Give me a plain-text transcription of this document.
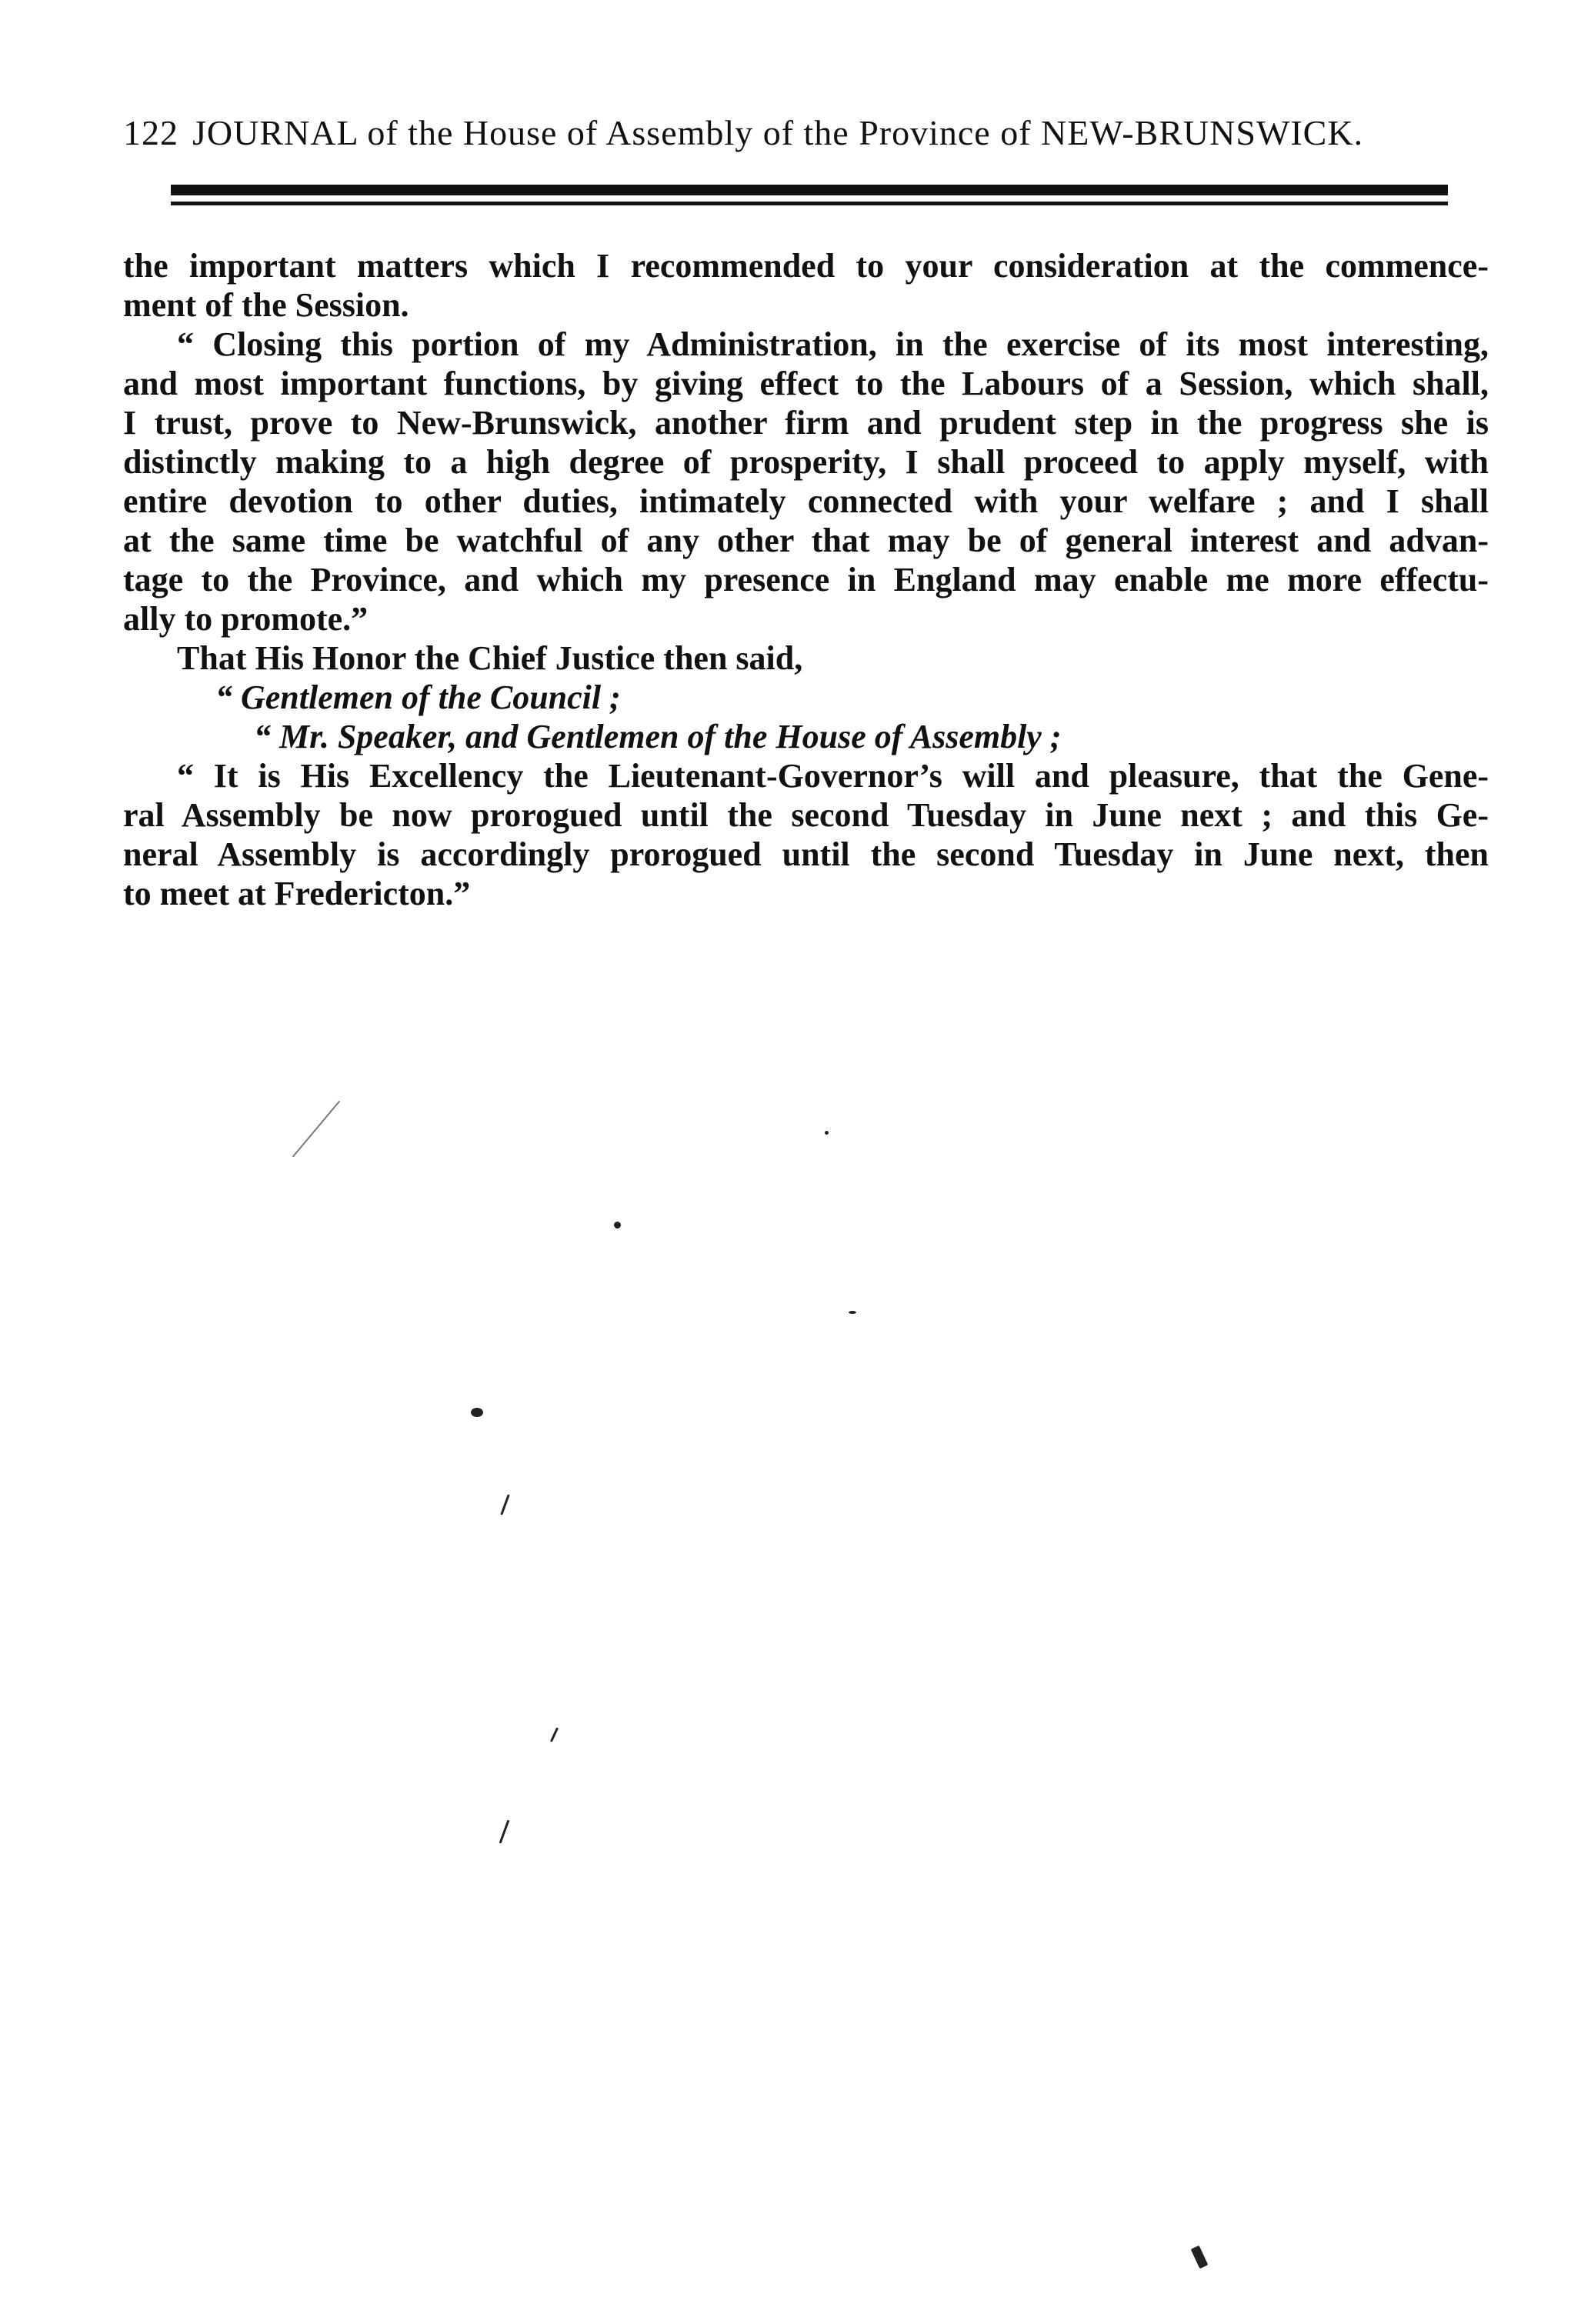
122 JOURNAL of the House of Assembly of the Province of NEW-BRUNSWICK.

the important matters which I recommended to your consideration at the commence-
ment of the Session.

“ Closing this portion of my Administration, in the exercise of its most interesting,
and most important functions, by giving effect to the Labours of a Session, which shall,
I trust, prove to New-Brunswick, another firm and prudent step in the progress she is
distinctly making to a high degree of prosperity, I shall proceed to apply myself, with
entire devotion to other duties, intimately connected with your welfare ; and I shall
at the same time be watchful of any other that may be of general interest and advan-
tage to the Province, and which my presence in England may enable me more effectu-
ally to promote.”

That His Honor the Chief Justice then said,

“ Gentlemen of the Council ;

“ Mr. Speaker, and Gentlemen of the House of Assembly ;

“ It is His Excellency the Lieutenant-Governor’s will and pleasure, that the Gene-
ral Assembly be now prorogued until the second Tuesday in June next ; and this Ge-
neral Assembly is accordingly prorogued until the second Tuesday in June next, then
to meet at Fredericton.”
